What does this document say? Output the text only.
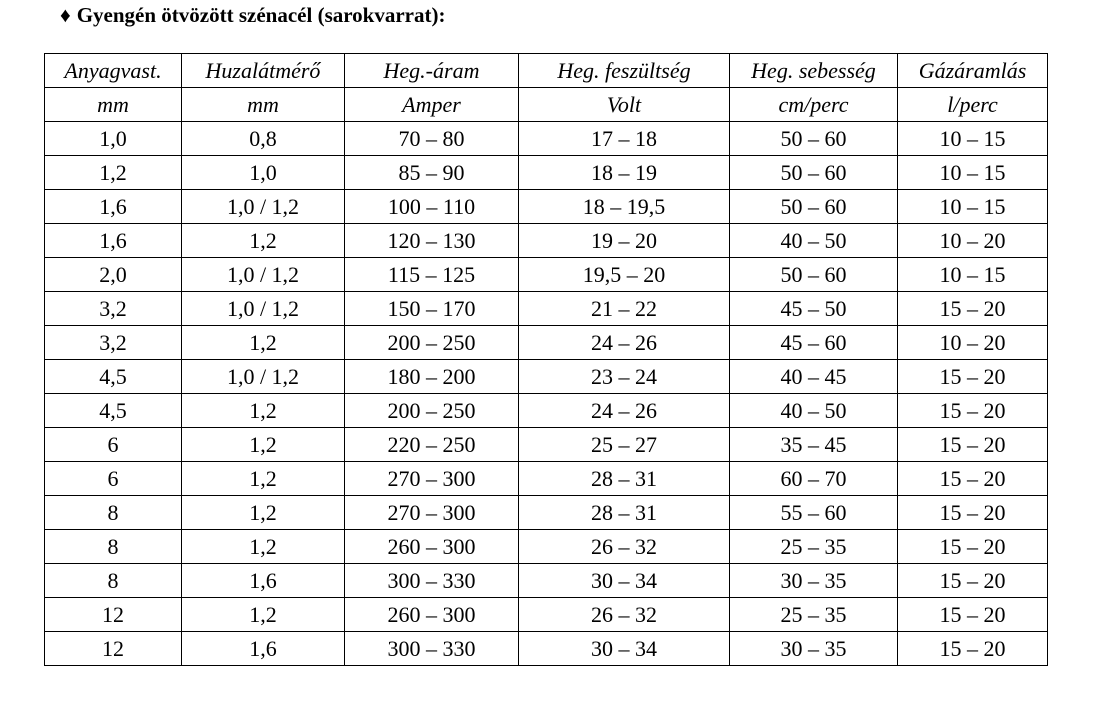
♦ Gyengén ötvözött szénacél (sarokvarrat):
Anyagvast.	Huzalátmérő	Heg.-áram	Heg. feszültség	Heg. sebesség	Gázáramlás
mm	mm	Amper	Volt	cm/perc	l/perc
1,0	0,8	70 – 80	17 – 18	50 – 60	10 – 15
1,2	1,0	85 – 90	18 – 19	50 – 60	10 – 15
1,6	1,0 / 1,2	100 – 110	18 – 19,5	50 – 60	10 – 15
1,6	1,2	120 – 130	19 – 20	40 – 50	10 – 20
2,0	1,0 / 1,2	115 – 125	19,5 – 20	50 – 60	10 – 15
3,2	1,0 / 1,2	150 – 170	21 – 22	45 – 50	15 – 20
3,2	1,2	200 – 250	24 – 26	45 – 60	10 – 20
4,5	1,0 / 1,2	180 – 200	23 – 24	40 – 45	15 – 20
4,5	1,2	200 – 250	24 – 26	40 – 50	15 – 20
6	1,2	220 – 250	25 – 27	35 – 45	15 – 20
6	1,2	270 – 300	28 – 31	60 – 70	15 – 20
8	1,2	270 – 300	28 – 31	55 – 60	15 – 20
8	1,2	260 – 300	26 – 32	25 – 35	15 – 20
8	1,6	300 – 330	30 – 34	30 – 35	15 – 20
12	1,2	260 – 300	26 – 32	25 – 35	15 – 20
12	1,6	300 – 330	30 – 34	30 – 35	15 – 20
